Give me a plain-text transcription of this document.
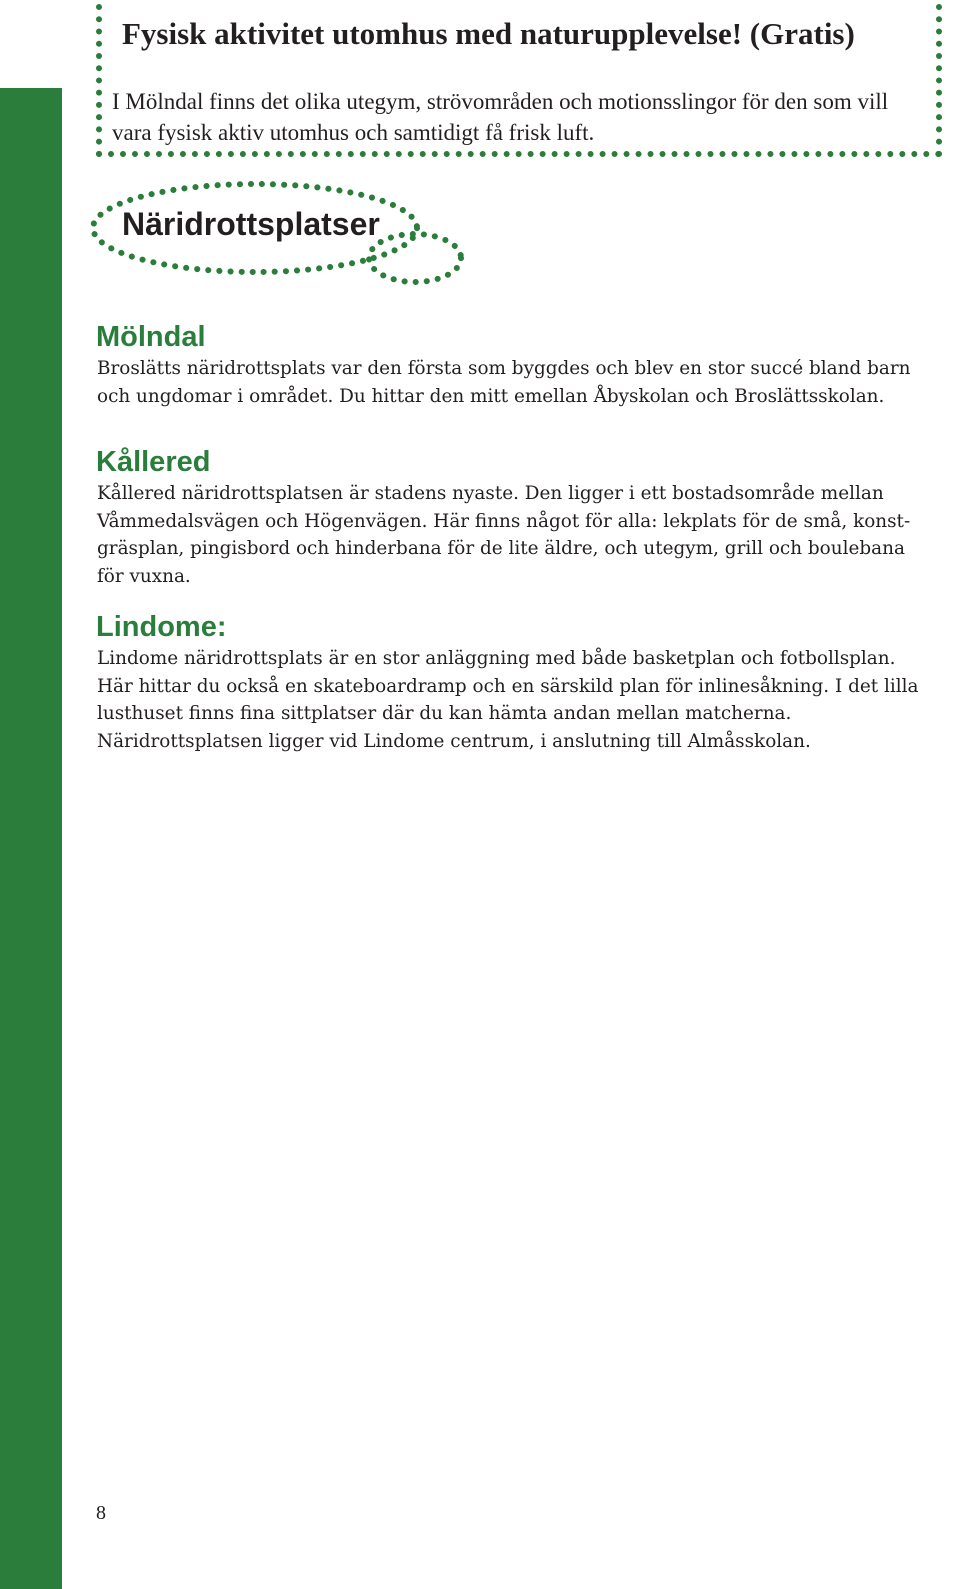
Fysisk aktivitet utomhus med naturupplevelse! (Gratis)
I Mölndal finns det olika utegym, strövområden och motionsslingor för den som vill vara fysisk aktiv utomhus och samtidigt få frisk luft.
Näridrottsplatser
Mölndal
Broslätts näridrottsplats var den första som byggdes och blev en stor succé bland barn och ungdomar i området. Du hittar den mitt emellan Åbyskolan och Broslättsskolan.
Kållered
Kållered näridrottsplatsen är stadens nyaste. Den ligger i ett bostadsområde mellan Våmmedalsvägen och Högenvägen. Här finns något för alla: lekplats för de små, konst-gräsplan, pingisbord och hinderbana för de lite äldre, och utegym, grill och boulebana för vuxna.
Lindome:
Lindome näridrottsplats är en stor anläggning med både basketplan och fotbollsplan. Här hittar du också en skateboardramp och en särskild plan för inlinesåkning. I det lilla lusthuset finns fina sittplatser där du kan hämta andan mellan matcherna. Näridrottsplatsen ligger vid Lindome centrum, i anslutning till Almåsskolan.
8
